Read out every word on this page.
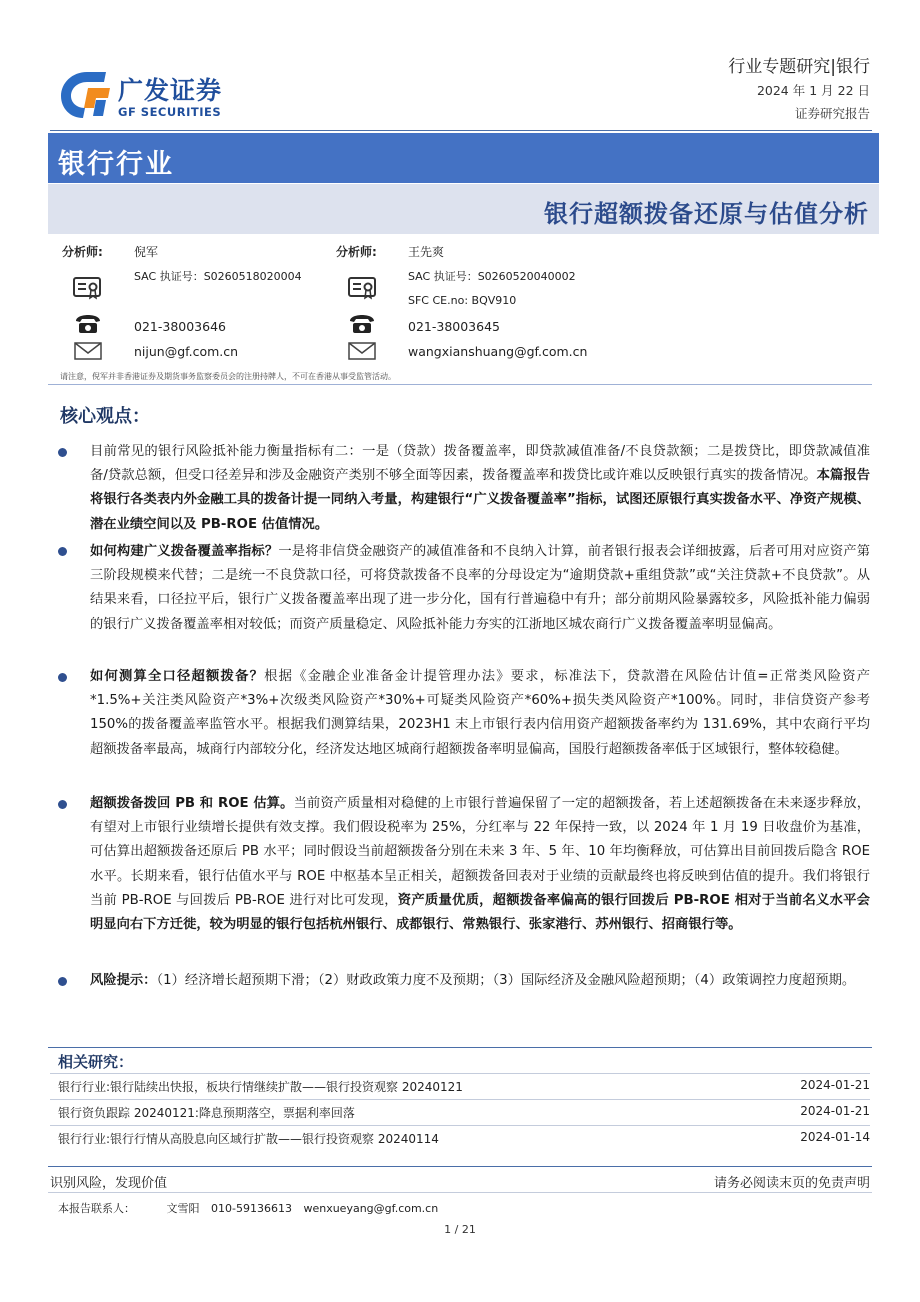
广发证券
GF SECURITIES
行业专题研究|银行
2024 年 1 月 22 日
证券研究报告
银行行业
银行超额拨备还原与估值分析
分析师:	倪军
SAC 执证号：S0260518020004
021-38003646
nijun@gf.com.cn
分析师:	王先爽
SAC 执证号：S0260520040002
SFC CE.no: BQV910
021-38003645
wangxianshuang@gf.com.cn
请注意，倪军并非香港证券及期货事务监察委员会的注册持牌人，不可在香港从事受监管活动。
核心观点：
目前常见的银行风险抵补能力衡量指标有二：一是（贷款）拨备覆盖率，即贷款减值准备/不良贷款额；二是拨贷比，即贷款减值准备/贷款总额，但受口径差异和涉及金融资产类别不够全面等因素，拨备覆盖率和拨贷比或许难以反映银行真实的拨备情况。本篇报告将银行各类表内外金融工具的拨备计提一同纳入考量，构建银行“广义拨备覆盖率”指标，试图还原银行真实拨备水平、净资产规模、潜在业绩空间以及 PB-ROE 估值情况。
如何构建广义拨备覆盖率指标？一是将非信贷金融资产的减值准备和不良纳入计算，前者银行报表会详细披露，后者可用对应资产第三阶段规模来代替；二是统一不良贷款口径，可将贷款拨备不良率的分母设定为“逾期贷款+重组贷款”或“关注贷款+不良贷款”。从结果来看，口径拉平后，银行广义拨备覆盖率出现了进一步分化，国有行普遍稳中有升；部分前期风险暴露较多，风险抵补能力偏弱的银行广义拨备覆盖率相对较低；而资产质量稳定、风险抵补能力夯实的江浙地区城农商行广义拨备覆盖率明显偏高。
如何测算全口径超额拨备？根据《金融企业准备金计提管理办法》要求，标准法下，贷款潜在风险估计值=正常类风险资产*1.5%+关注类风险资产*3%+次级类风险资产*30%+可疑类风险资产*60%+损失类风险资产*100%。同时，非信贷资产参考 150%的拨备覆盖率监管水平。根据我们测算结果，2023H1 末上市银行表内信用资产超额拨备率约为 131.69%，其中农商行平均超额拨备率最高，城商行内部较分化，经济发达地区城商行超额拨备率明显偏高，国股行超额拨备率低于区域银行，整体较稳健。
超额拨备拨回 PB 和 ROE 估算。当前资产质量相对稳健的上市银行普遍保留了一定的超额拨备，若上述超额拨备在未来逐步释放，有望对上市银行业绩增长提供有效支撑。我们假设税率为 25%，分红率与 22 年保持一致，以 2024 年 1 月 19 日收盘价为基准，可估算出超额拨备还原后 PB 水平；同时假设当前超额拨备分别在未来 3 年、5 年、10 年均衡释放，可估算出目前回拨后隐含 ROE 水平。长期来看，银行估值水平与 ROE 中枢基本呈正相关，超额拨备回表对于业绩的贡献最终也将反映到估值的提升。我们将银行当前 PB-ROE 与回拨后 PB-ROE 进行对比可发现，资产质量优质，超额拨备率偏高的银行回拨后 PB-ROE 相对于当前名义水平会明显向右下方迁徙，较为明显的银行包括杭州银行、成都银行、常熟银行、张家港行、苏州银行、招商银行等。
风险提示：（1）经济增长超预期下滑；（2）财政政策力度不及预期；（3）国际经济及金融风险超预期；（4）政策调控力度超预期。
相关研究：
银行行业:银行陆续出快报，板块行情继续扩散——银行投资观察 20240121	2024-01-21
银行资负跟踪 20240121:降息预期落空，票据利率回落	2024-01-21
银行行业:银行行情从高股息向区域行扩散——银行投资观察 20240114	2024-01-14
识别风险，发现价值	请务必阅读末页的免责声明
本报告联系人：	文雪阳 010-59136613 wenxueyang@gf.com.cn
1 / 21
